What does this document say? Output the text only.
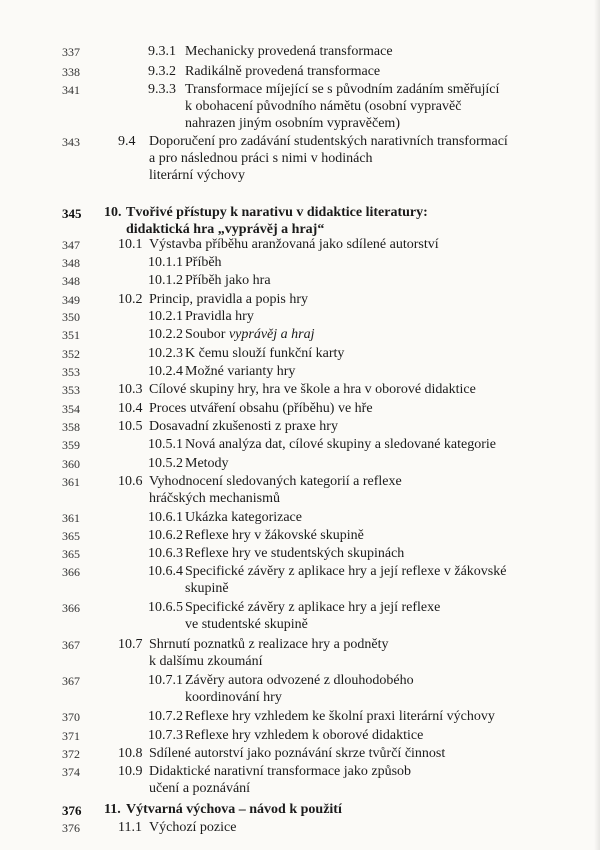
337	9.3.1 Mechanicky provedená transformace
338	9.3.2 Radikálně provedená transformace
341	9.3.3 Transformace míjející se s původním zadáním směřující
k obohacení původního námětu (osobní vypravěč
nahrazen jiným osobním vypravěčem)
343	9.4 Doporučení pro zadávání studentských narativních transformací
a pro následnou práci s nimi v hodinách
literární výchovy
345 10. Tvořivé přístupy k narativu v didaktice literatury:
didaktická hra „vyprávěj a hraj“
347	10.1 Výstavba příběhu aranžovaná jako sdílené autorství
348	10.1.1 Příběh
348	10.1.2 Příběh jako hra
349	10.2 Princip, pravidla a popis hry
350	10.2.1 Pravidla hry
351	10.2.2 Soubor vyprávěj a hraj
352	10.2.3 K čemu slouží funkční karty
353	10.2.4 Možné varianty hry
353	10.3 Cílové skupiny hry, hra ve škole a hra v oborové didaktice
354	10.4 Proces utváření obsahu (příběhu) ve hře
358	10.5 Dosavadní zkušenosti z praxe hry
359	10.5.1 Nová analýza dat, cílové skupiny a sledované kategorie
360	10.5.2 Metody
361	10.6 Vyhodnocení sledovaných kategorií a reflexe
hráčských mechanismů
361	10.6.1 Ukázka kategorizace
365	10.6.2 Reflexe hry v žákovské skupině
365	10.6.3 Reflexe hry ve studentských skupinách
366	10.6.4 Specifické závěry z aplikace hry a její reflexe v žákovské
skupině
366	10.6.5 Specifické závěry z aplikace hry a její reflexe
ve studentské skupině
367	10.7 Shrnutí poznatků z realizace hry a podněty
k dalšímu zkoumání
367	10.7.1 Závěry autora odvozené z dlouhodobého
koordinování hry
370	10.7.2 Reflexe hry vzhledem ke školní praxi literární výchovy
371	10.7.3 Reflexe hry vzhledem k oborové didaktice
372	10.8 Sdílené autorství jako poznávání skrze tvůrčí činnost
374	10.9 Didaktické narativní transformace jako způsob
učení a poznávání
376 11. Výtvarná výchova – návod k použití
376	11.1 Výchozí pozice
